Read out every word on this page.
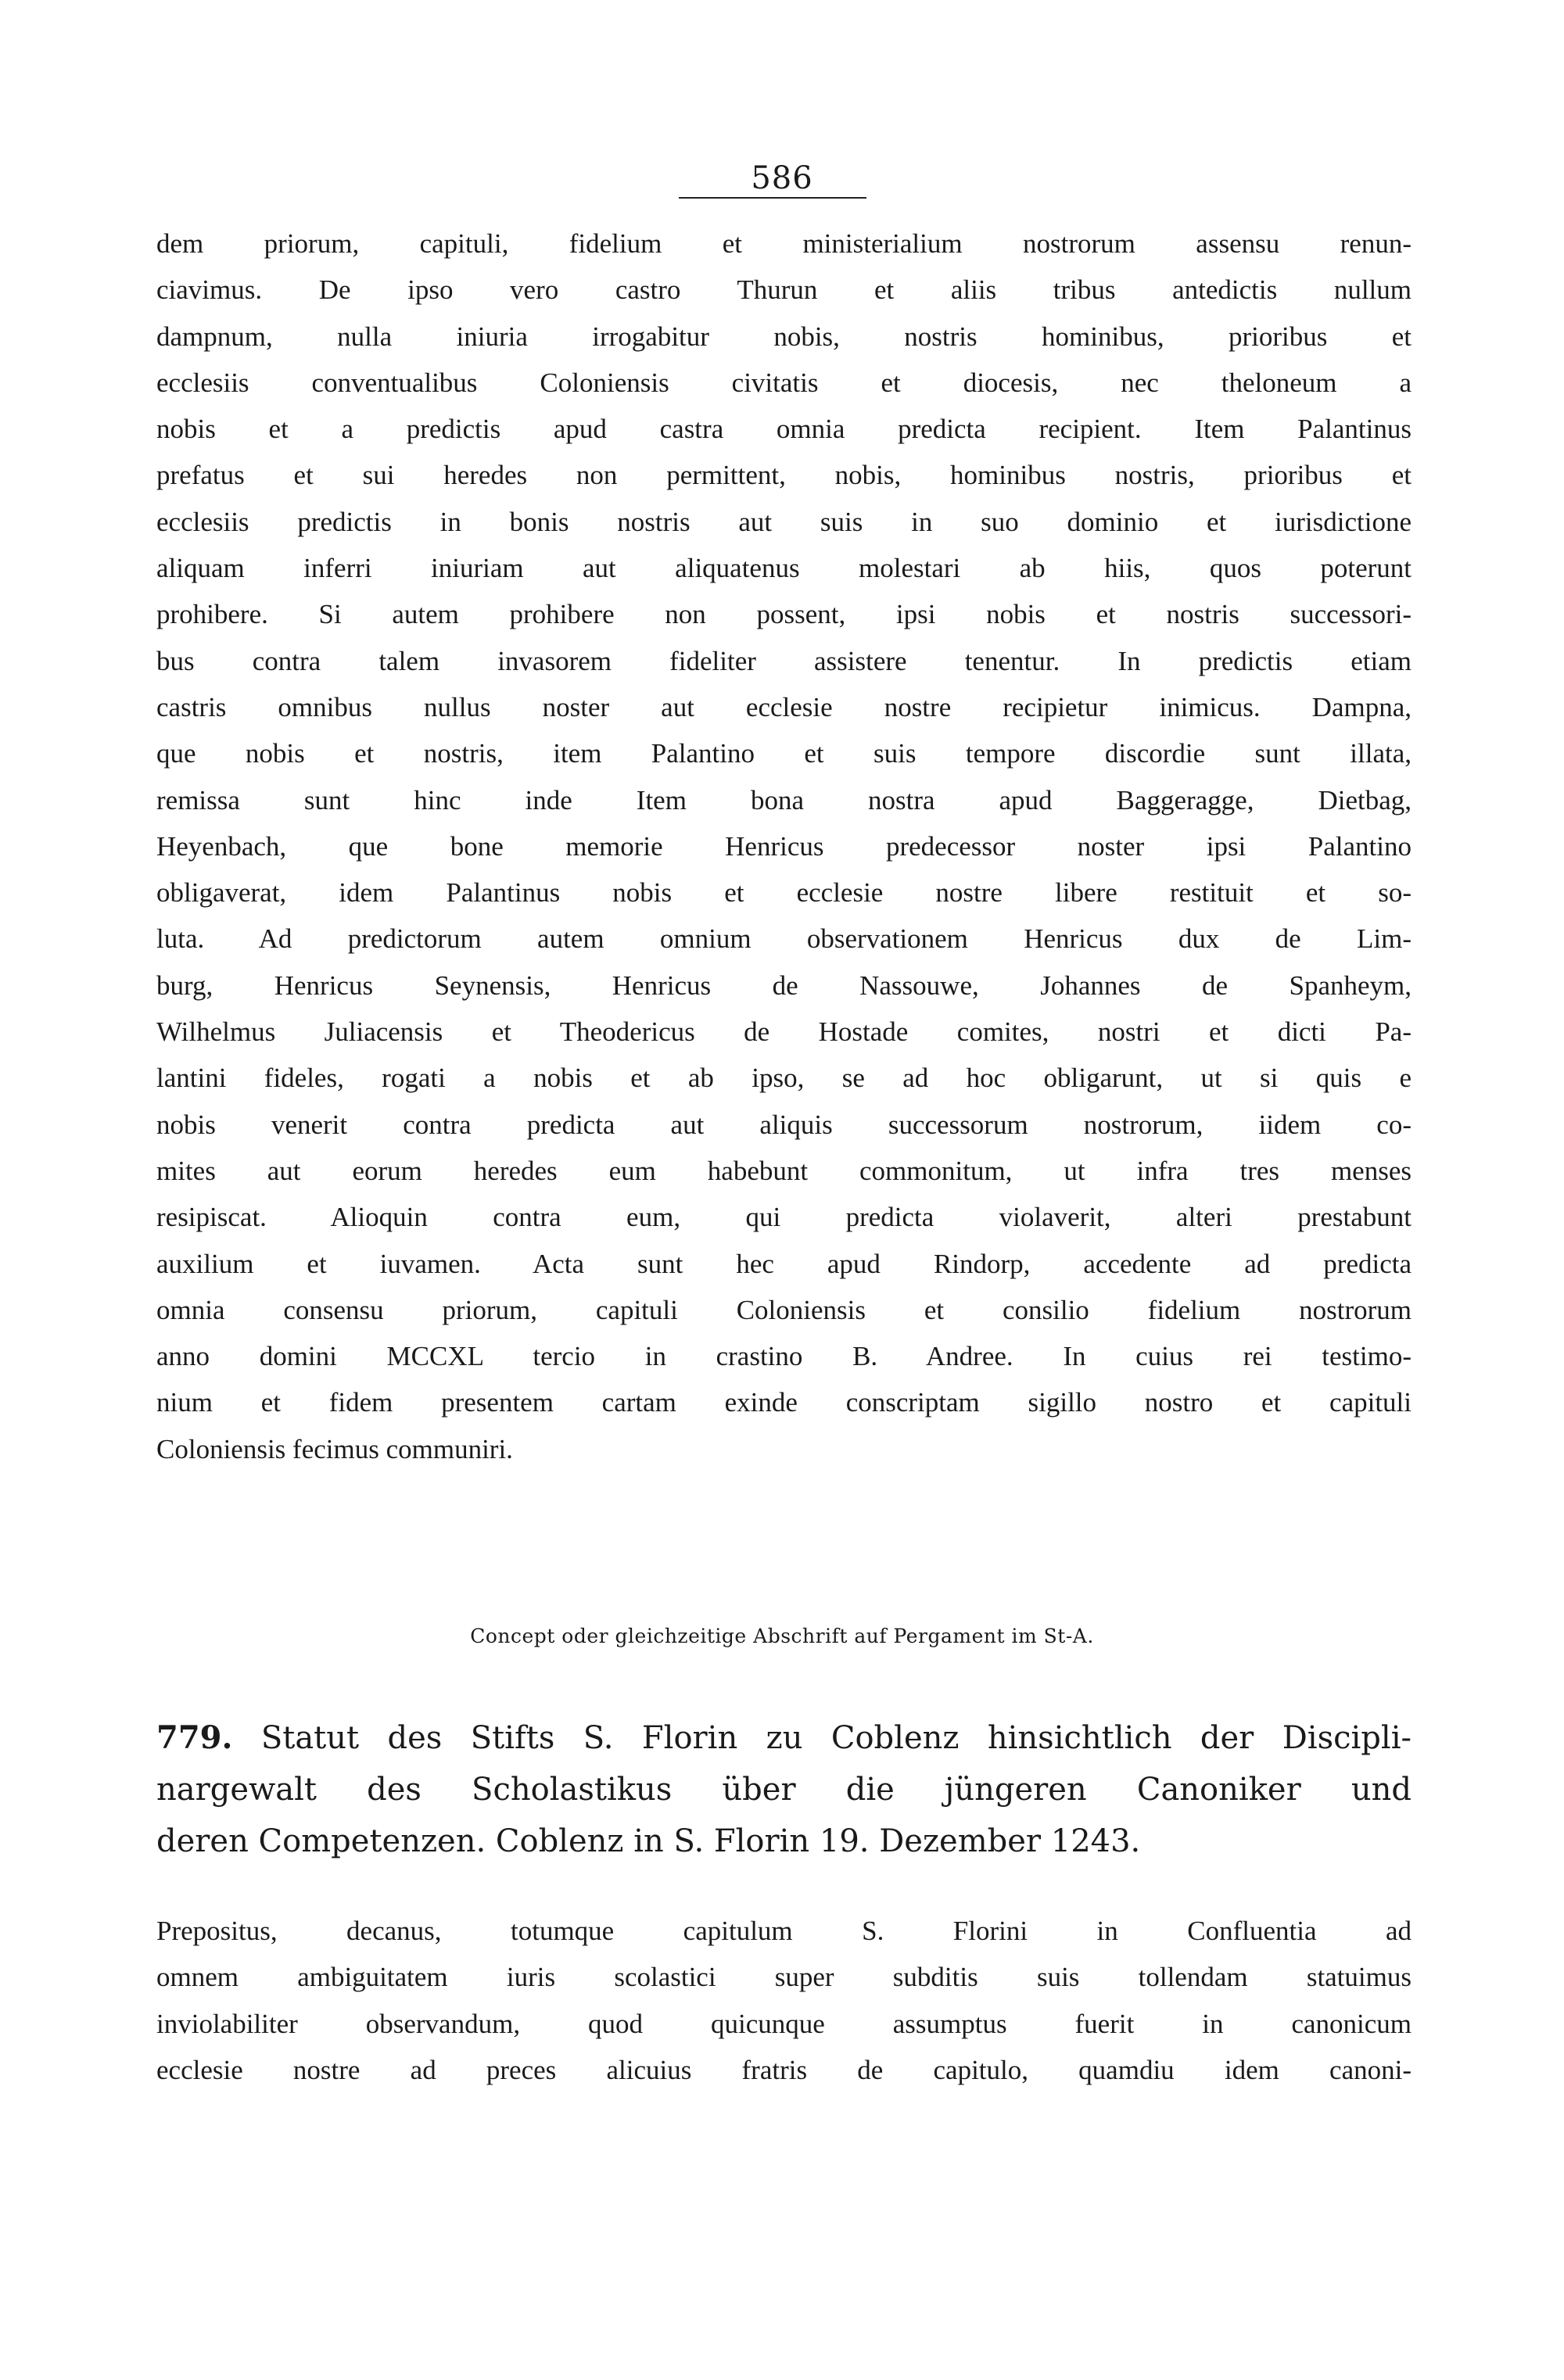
586
dem priorum, capituli, fidelium et ministerialium nostrorum assensu renun-
ciavimus. De ipso vero castro Thurun et aliis tribus antedictis nullum
dampnum, nulla iniuria irrogabitur nobis, nostris hominibus, prioribus et
ecclesiis conventualibus Coloniensis civitatis et diocesis, nec theloneum a
nobis et a predictis apud castra omnia predicta recipient. Item Palantinus
prefatus et sui heredes non permittent, nobis, hominibus nostris, prioribus et
ecclesiis predictis in bonis nostris aut suis in suo dominio et iurisdictione
aliquam inferri iniuriam aut aliquatenus molestari ab hiis, quos poterunt
prohibere. Si autem prohibere non possent, ipsi nobis et nostris successori-
bus contra talem invasorem fideliter assistere tenentur. In predictis etiam
castris omnibus nullus noster aut ecclesie nostre recipietur inimicus. Dampna,
que nobis et nostris, item Palantino et suis tempore discordie sunt illata,
remissa sunt hinc inde Item bona nostra apud Baggeragge, Dietbag,
Heyenbach, que bone memorie Henricus predecessor noster ipsi Palantino
obligaverat, idem Palantinus nobis et ecclesie nostre libere restituit et so-
luta. Ad predictorum autem omnium observationem Henricus dux de Lim-
burg, Henricus Seynensis, Henricus de Nassouwe, Johannes de Spanheym,
Wilhelmus Juliacensis et Theodericus de Hostade comites, nostri et dicti Pa-
lantini fideles, rogati a nobis et ab ipso, se ad hoc obligarunt, ut si quis e
nobis venerit contra predicta aut aliquis successorum nostrorum, iidem co-
mites aut eorum heredes eum habebunt commonitum, ut infra tres menses
resipiscat. Alioquin contra eum, qui predicta violaverit, alteri prestabunt
auxilium et iuvamen. Acta sunt hec apud Rindorp, accedente ad predicta
omnia consensu priorum, capituli Coloniensis et consilio fidelium nostrorum
anno domini MCCXL tercio in crastino B. Andree. In cuius rei testimo-
nium et fidem presentem cartam exinde conscriptam sigillo nostro et capituli
Coloniensis fecimus communiri.
Concept oder gleichzeitige Abschrift auf Pergament im St-A.
779. Statut des Stifts S. Florin zu Coblenz hinsichtlich der Discipli-
nargewalt des Scholastikus über die jüngeren Canoniker und
deren Competenzen. Coblenz in S. Florin 19. Dezember 1243.
Prepositus, decanus, totumque capitulum S. Florini in Confluentia ad
omnem ambiguitatem iuris scolastici super subditis suis tollendam statuimus
inviolabiliter observandum, quod quicunque assumptus fuerit in canonicum
ecclesie nostre ad preces alicuius fratris de capitulo, quamdiu idem canoni-
